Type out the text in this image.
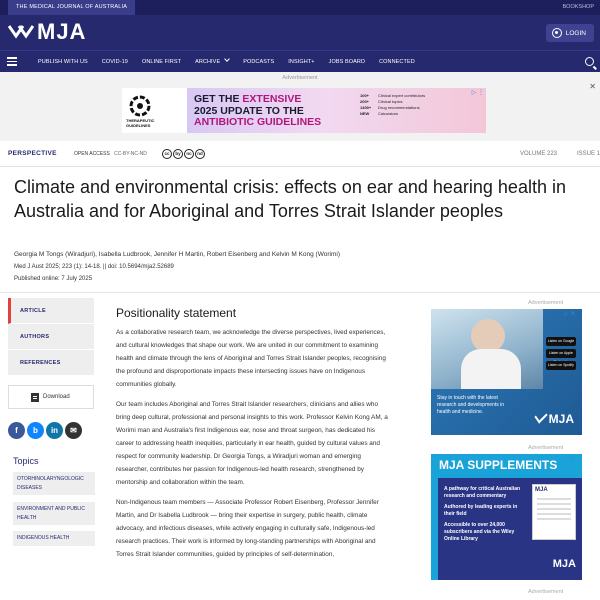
THE MEDICAL JOURNAL OF AUSTRALIA	BOOKSHOP
MJA	LOGIN
PUBLISH WITH US	COVID-19	ONLINE FIRST	ARCHIVE	PODCASTS	INSIGHT+	JOBS BOARD	CONNECTED
Advertisement
✕
THERAPEUTIC
GUIDELINES
GET THE EXTENSIVE
2025 UPDATE TO THE
ANTIBIOTIC GUIDELINES
100+ Clinical expert contributors
200+ Clinical topics
1400+ Drug recommendations
NEW Calculators
▷ ⋮
PERSPECTIVE	OPEN ACCESS CC-BY-NC-ND	cc	by	nc	nd	VOLUME 223	ISSUE 1
Climate and environmental crisis: effects on ear and hearing health in Australia and for Aboriginal and Torres Strait Islander peoples
Georgia M Tongs (Wiradjuri), Isabella Ludbrook, Jennifer H Martin, Robert Eisenberg and Kelvin M Kong (Worimi)
Med J Aust 2025; 223 (1): 14-18. || doi: 10.5694/mja2.52689
Published online: 7 July 2025
ARTICLE
AUTHORS
REFERENCES
Download
f	b	in	✉
Topics
OTORHINOLARYNGOLOGIC DISEASES
ENVIRONMENT AND PUBLIC HEALTH
INDIGENOUS HEALTH
Positionality statement

As a collaborative research team, we acknowledge the diverse perspectives, lived experiences, and cultural knowledges that shape our work. We are united in our commitment to examining health and climate through the lens of Aboriginal and Torres Strait Islander peoples, recognising the profound and disproportionate impacts these intersecting issues have on Indigenous communities globally.

Our team includes Aboriginal and Torres Strait Islander researchers, clinicians and allies who bring deep cultural, professional and personal insights to this work. Professor Kelvin Kong AM, a Worimi man and Australia's first Indigenous ear, nose and throat surgeon, has dedicated his career to addressing health inequities, particularly in ear health, guided by cultural values and respect for community leadership. Dr Georgia Tongs, a Wiradjuri woman and emerging researcher, contributes her passion for Indigenous-led health research, strengthened by mentorship and collaboration within the team.

Non-Indigenous team members — Associate Professor Robert Eisenberg, Professor Jennifer Martin, and Dr Isabella Ludbrook — bring their expertise in surgery, public health, climate advocacy, and infectious diseases, while actively engaging in culturally safe, Indigenous-led research practices. Their work is informed by long-standing partnerships with Aboriginal and Torres Strait Islander communities, guided by principles of self-determination,

Advertisement
Listen on Google
Listen on Apple
Listen on Spotify
Stay in touch with the latest research and developments in health and medicine.	MJA
▷ ✕
Advertisement
MJA SUPPLEMENTS
A pathway for critical Australian research and commentary
Authored by leading experts in their field
Accessible to over 24,000 subscribers and via the Wiley Online Library
MJA
MJA
▷ ✕
Advertisement
